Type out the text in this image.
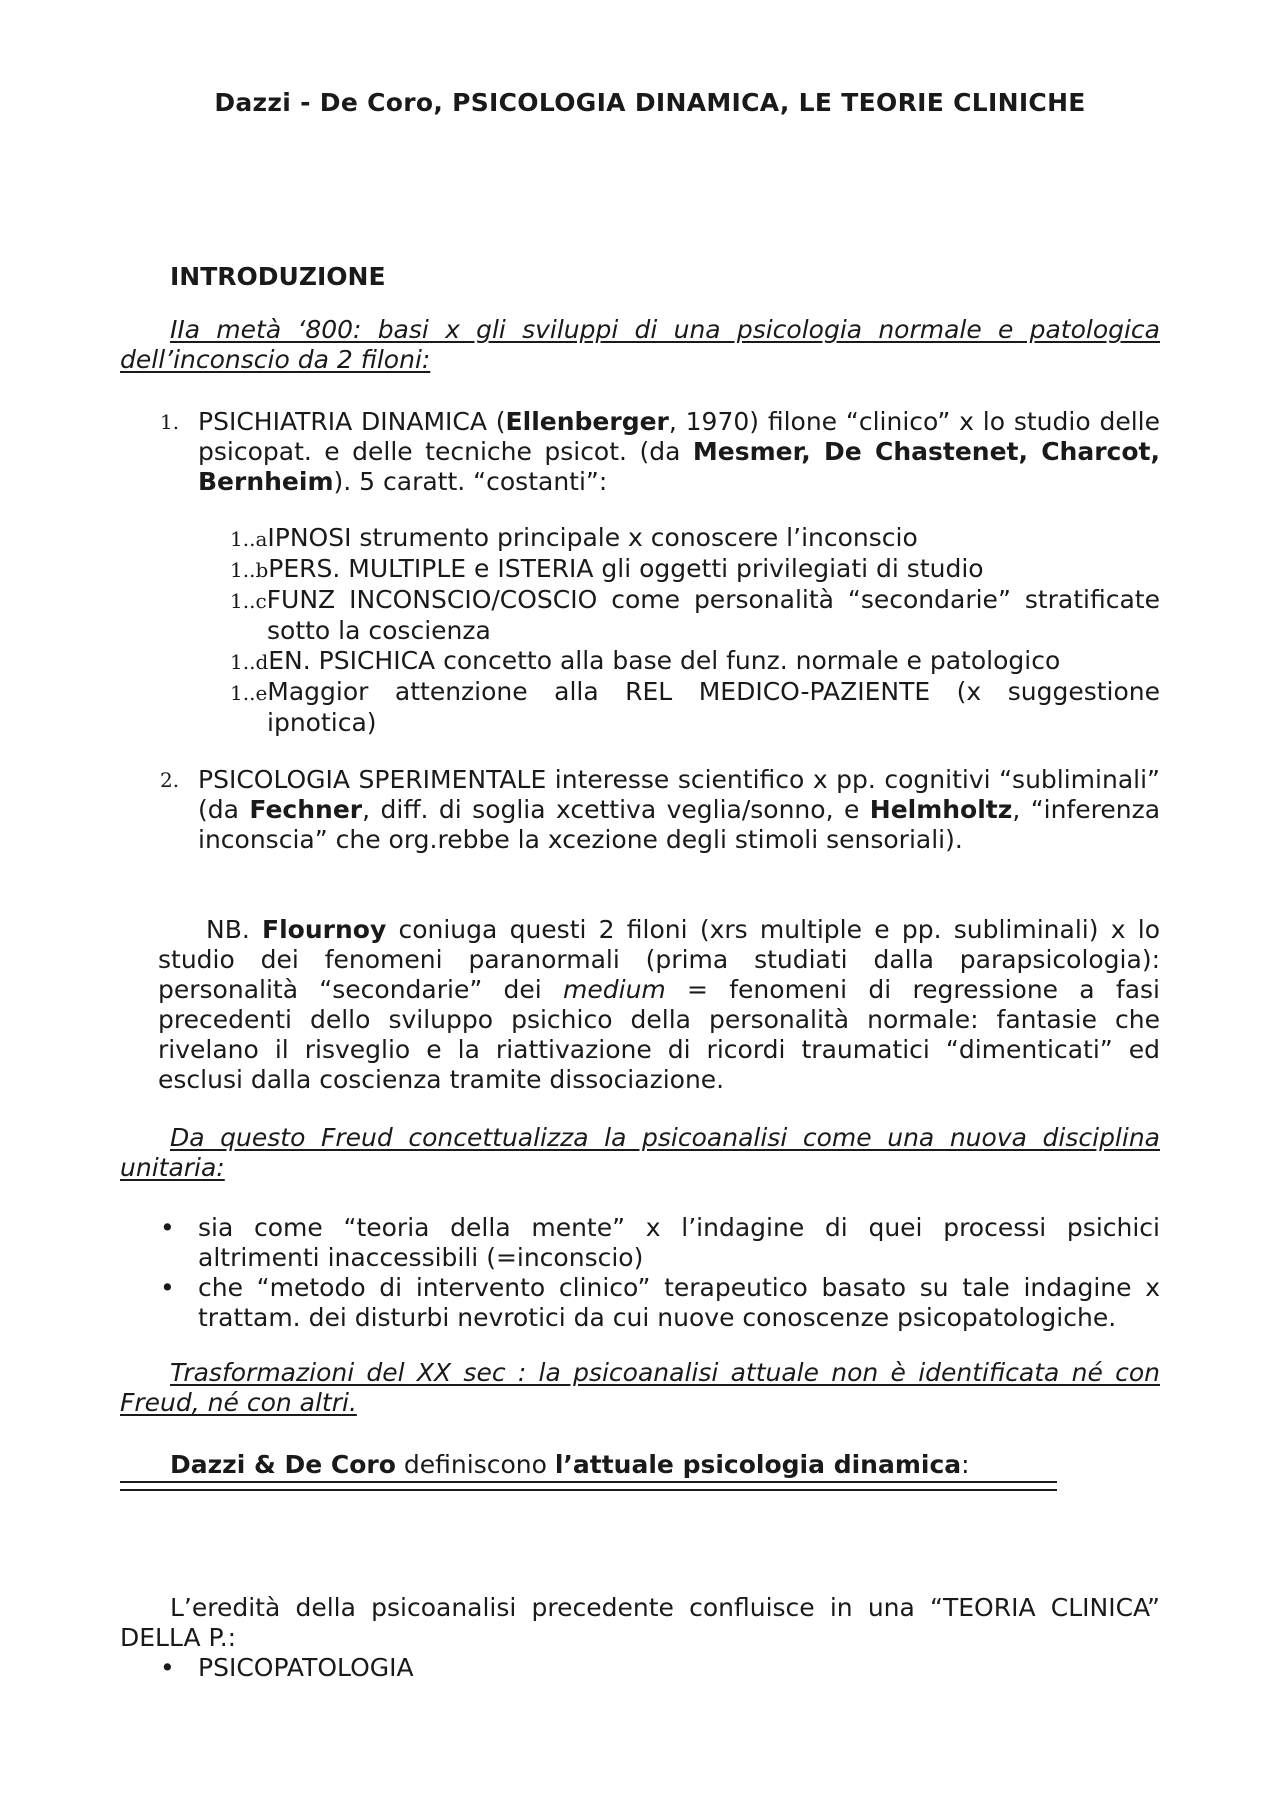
Dazzi - De Coro, PSICOLOGIA DINAMICA, LE TEORIE CLINICHE
INTRODUZIONE
IIa metà ‘800: basi x gli sviluppi di una psicologia normale e patologica dell’inconscio da 2 filoni:
1. PSICHIATRIA DINAMICA (Ellenberger, 1970) filone “clinico” x lo studio delle psicopat. e delle tecniche psicot. (da Mesmer, De Chastenet, Charcot, Bernheim). 5 caratt. “costanti”:
1..aIPNOSI strumento principale x conoscere l’inconscio
1..bPERS. MULTIPLE e ISTERIA gli oggetti privilegiati di studio
1..cFUNZ INCONSCIO/COSCIO come personalità “secondarie” stratificate sotto la coscienza
1..dEN. PSICHICA concetto alla base del funz. normale e patologico
1..eMaggior attenzione alla REL MEDICO-PAZIENTE (x suggestione ipnotica)
2. PSICOLOGIA SPERIMENTALE interesse scientifico x pp. cognitivi “subliminali” (da Fechner, diff. di soglia xcettiva veglia/sonno, e Helmholtz, “inferenza inconscia” che org.rebbe la xcezione degli stimoli sensoriali).
NB. Flournoy coniuga questi 2 filoni (xrs multiple e pp. subliminali) x lo studio dei fenomeni paranormali (prima studiati dalla parapsicologia): personalità “secondarie” dei medium = fenomeni di regressione a fasi precedenti dello sviluppo psichico della personalità normale: fantasie che rivelano il risveglio e la riattivazione di ricordi traumatici “dimenticati” ed esclusi dalla coscienza tramite dissociazione.
Da questo Freud concettualizza la psicoanalisi come una nuova disciplina unitaria:
• sia come “teoria della mente” x l’indagine di quei processi psichici altrimenti inaccessibili (=inconscio)
• che “metodo di intervento clinico” terapeutico basato su tale indagine x trattam. dei disturbi nevrotici da cui nuove conoscenze psicopatologiche.
Trasformazioni del XX sec : la psicoanalisi attuale non è identificata né con Freud, né con altri.
Dazzi & De Coro definiscono l’attuale psicologia dinamica:
L’eredità della psicoanalisi precedente confluisce in una “TEORIA CLINICA” DELLA P.:
• PSICOPATOLOGIA
